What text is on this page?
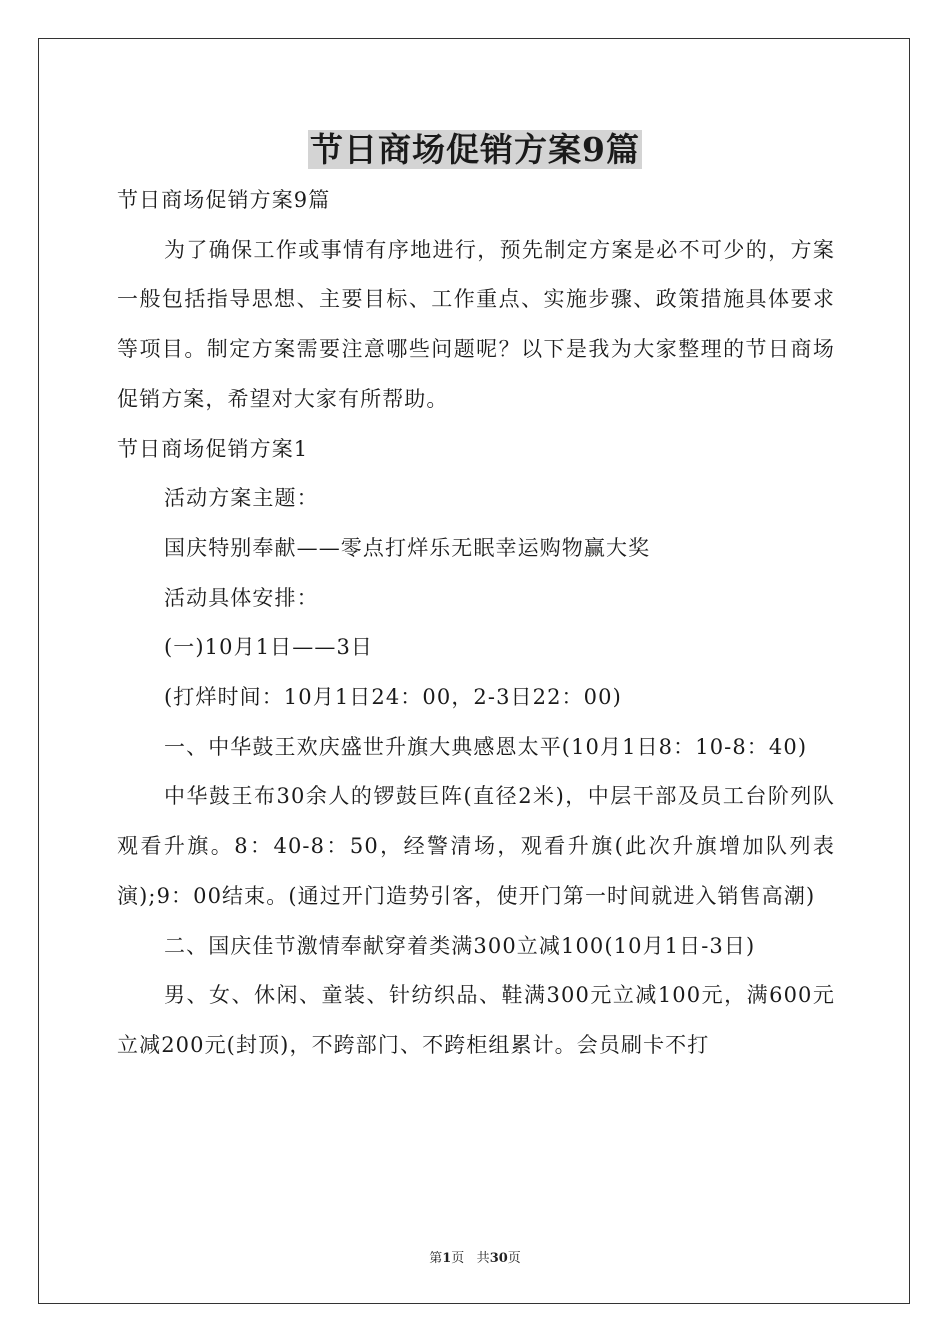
节日商场促销方案9篇

节日商场促销方案9篇

为了确保工作或事情有序地进行，预先制定方案是必不可少的，方案一般包括指导思想、主要目标、工作重点、实施步骤、政策措施具体要求等项目。制定方案需要注意哪些问题呢？以下是我为大家整理的节日商场促销方案，希望对大家有所帮助。

节日商场促销方案1

活动方案主题：

国庆特别奉献——零点打烊乐无眠幸运购物赢大奖

活动具体安排：

(一)10月1日——3日

(打烊时间：10月1日24：00，2-3日22：00)

一、中华鼓王欢庆盛世升旗大典感恩太平(10月1日8：10-8：40)

中华鼓王布30余人的锣鼓巨阵(直径2米)，中层干部及员工台阶列队观看升旗。8：40-8：50，经警清场，观看升旗(此次升旗增加队列表演);9：00结束。(通过开门造势引客，使开门第一时间就进入销售高潮)

二、国庆佳节激情奉献穿着类满300立减100(10月1日-3日)

男、女、休闲、童装、针纺织品、鞋满300元立减100元，满600元立减200元(封顶)，不跨部门、不跨柜组累计。会员刷卡不打

第1页 共30页
